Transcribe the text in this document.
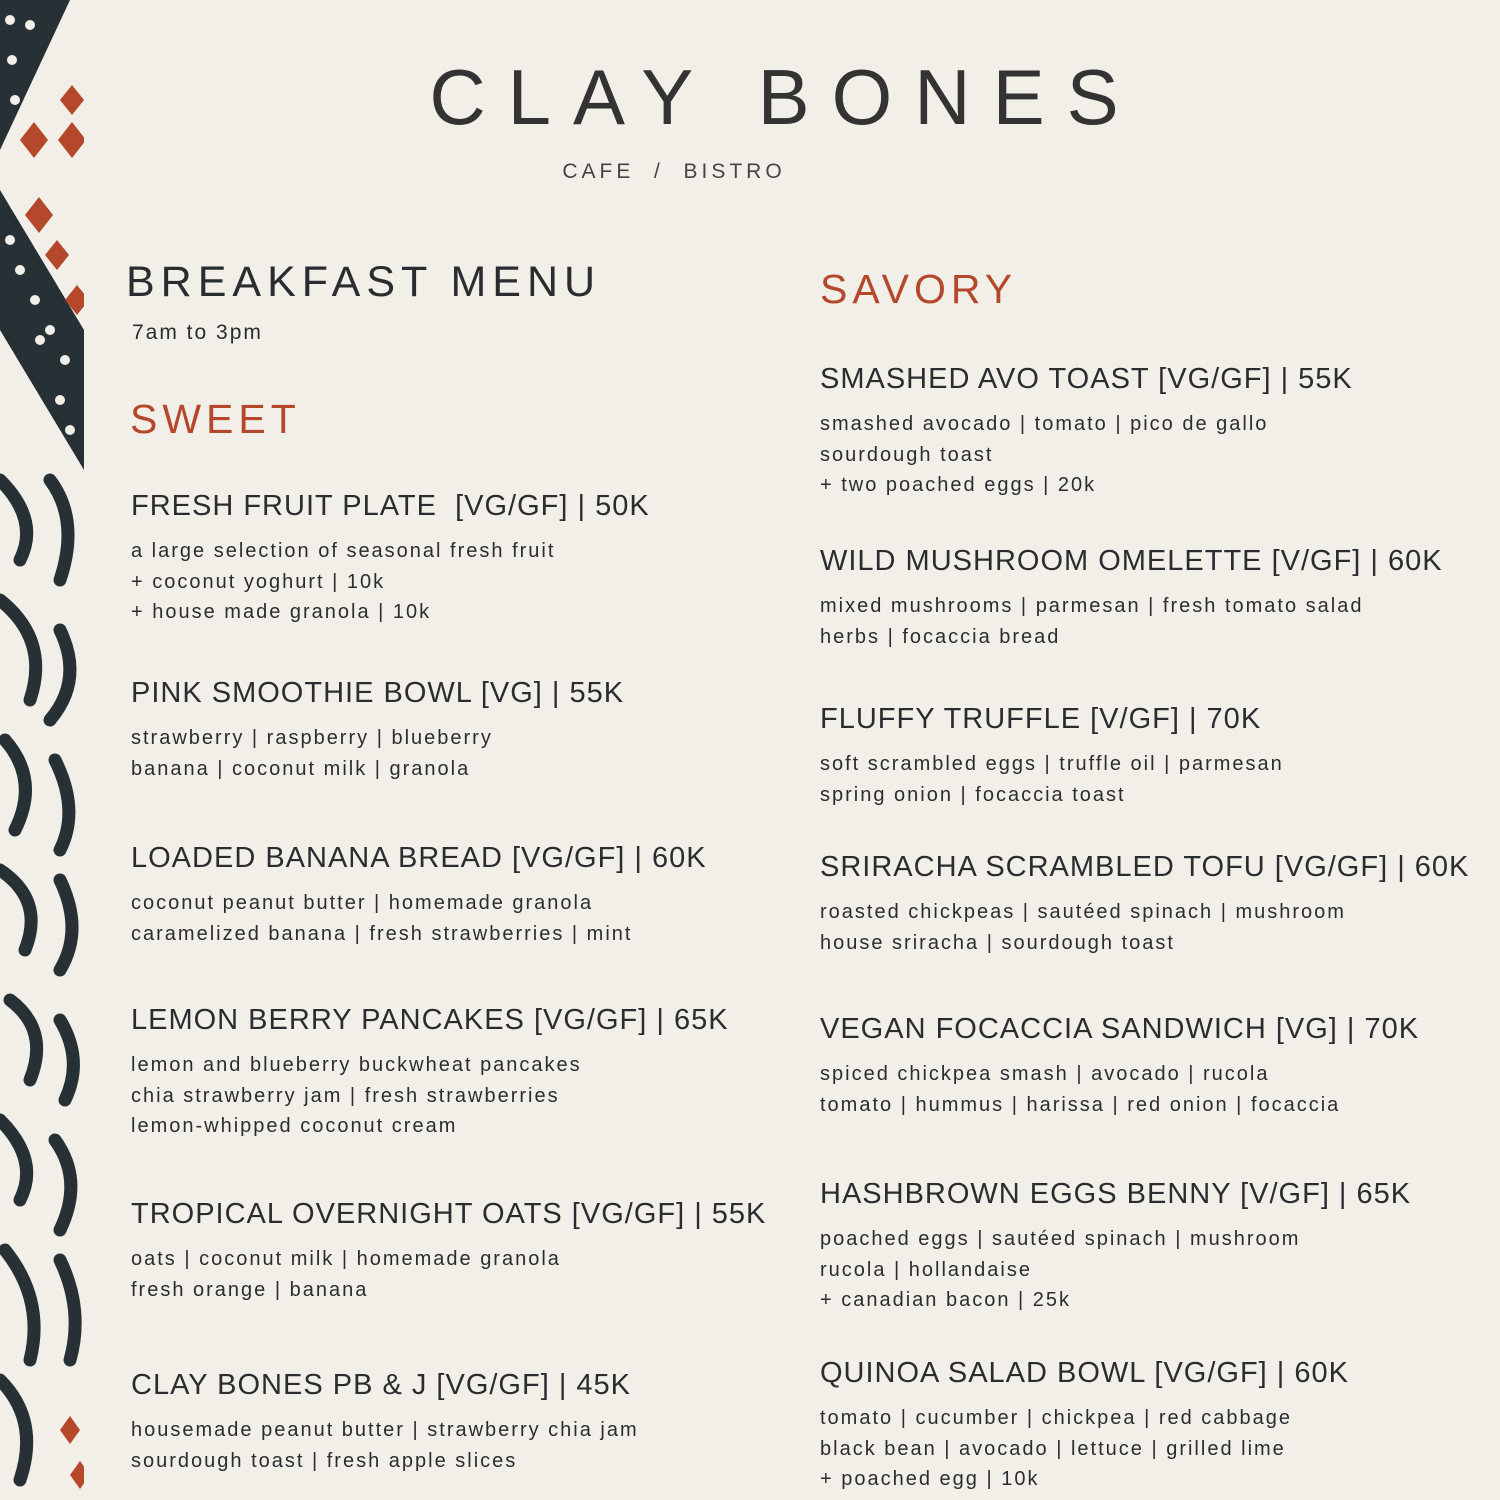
CLAY BONES
CAFE  /  BISTRO
BREAKFAST MENU
7am to 3pm
SWEET
SAVORY
FRESH FRUIT PLATE  [VG/GF] | 50K
a large selection of seasonal fresh fruit
+ coconut yoghurt | 10k
+ house made granola | 10k
PINK SMOOTHIE BOWL [VG] | 55K
strawberry | raspberry | blueberry
banana | coconut milk | granola
LOADED BANANA BREAD [VG/GF] | 60K
coconut peanut butter | homemade granola
caramelized banana | fresh strawberries | mint
LEMON BERRY PANCAKES [VG/GF] | 65K
lemon and blueberry buckwheat pancakes
chia strawberry jam | fresh strawberries
lemon-whipped coconut cream
TROPICAL OVERNIGHT OATS [VG/GF] | 55K
oats | coconut milk | homemade granola
fresh orange | banana
CLAY BONES PB & J [VG/GF] | 45K
housemade peanut butter | strawberry chia jam
sourdough toast | fresh apple slices
SMASHED AVO TOAST [VG/GF] | 55K
smashed avocado | tomato | pico de gallo
sourdough toast
+ two poached eggs | 20k
WILD MUSHROOM OMELETTE [V/GF] | 60K
mixed mushrooms | parmesan | fresh tomato salad
herbs | focaccia bread
FLUFFY TRUFFLE [V/GF] | 70K
soft scrambled eggs | truffle oil | parmesan
spring onion | focaccia toast
SRIRACHA SCRAMBLED TOFU [VG/GF] | 60K
roasted chickpeas | sautéed spinach | mushroom
house sriracha | sourdough toast
VEGAN FOCACCIA SANDWICH [VG] | 70K
spiced chickpea smash | avocado | rucola
tomato | hummus | harissa | red onion | focaccia
HASHBROWN EGGS BENNY [V/GF] | 65K
poached eggs | sautéed spinach | mushroom
rucola | hollandaise
+ canadian bacon | 25k
QUINOA SALAD BOWL [VG/GF] | 60K
tomato | cucumber | chickpea | red cabbage
black bean | avocado | lettuce | grilled lime
+ poached egg | 10k
